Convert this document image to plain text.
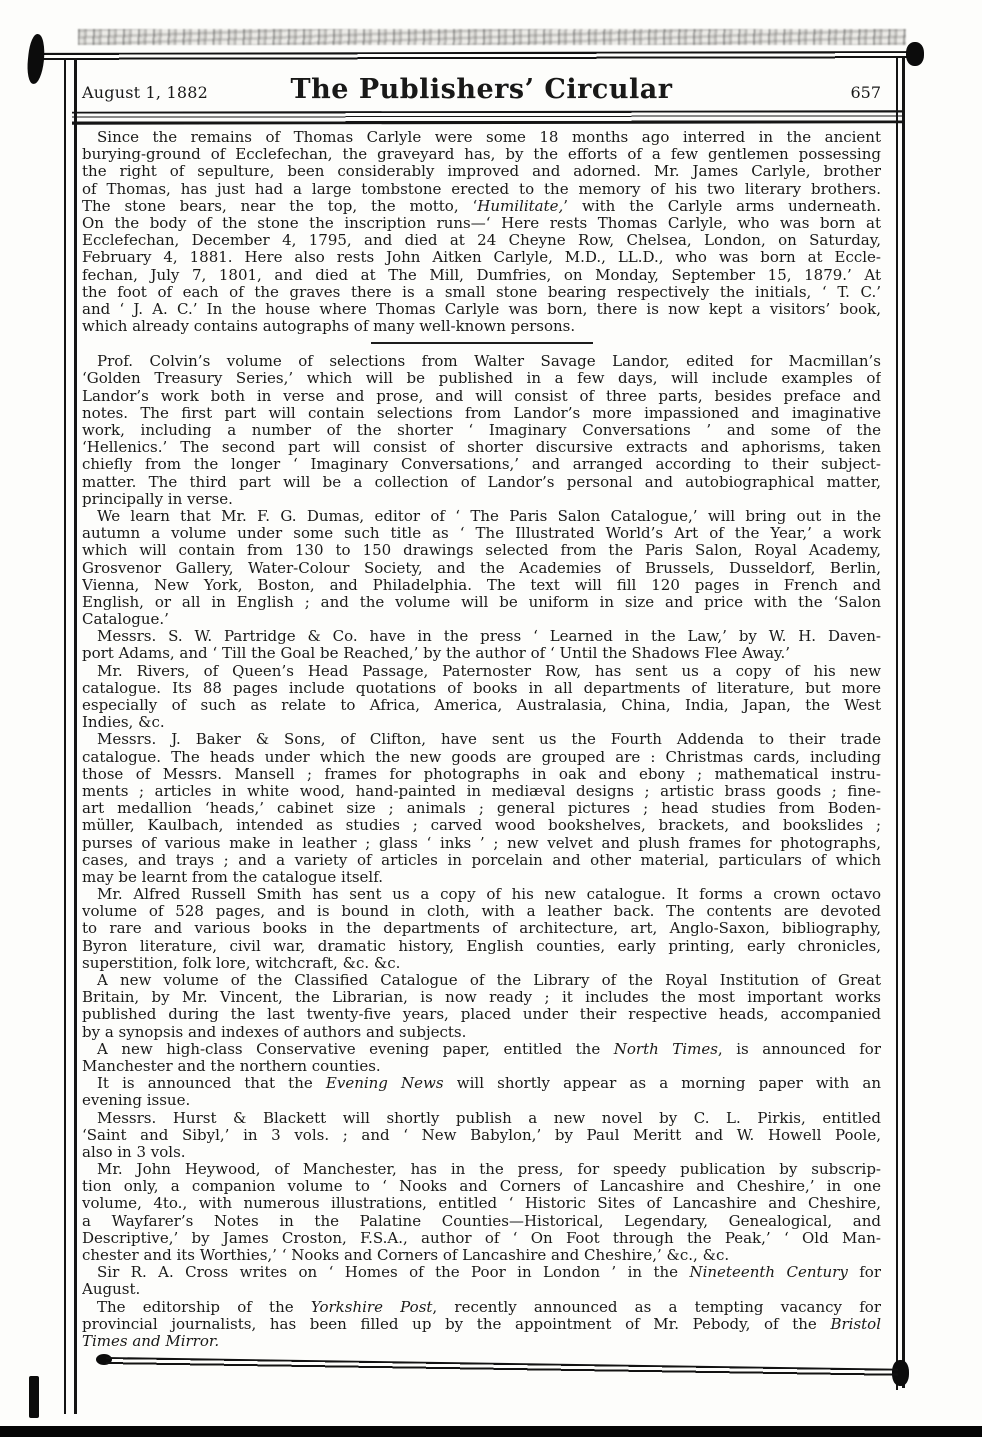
August 1, 1882	The Publishers’ Circular	657
Since the remains of Thomas Carlyle were some 18 months ago interred in the ancient
burying-ground of Ecclefechan, the graveyard has, by the efforts of a few gentlemen possessing
the right of sepulture, been considerably improved and adorned. Mr. James Carlyle, brother
of Thomas, has just had a large tombstone erected to the memory of his two literary brothers.
The stone bears, near the top, the motto, ‘Humilitate,’ with the Carlyle arms underneath.
On the body of the stone the inscription runs—‘ Here rests Thomas Carlyle, who was born at
Ecclefechan, December 4, 1795, and died at 24 Cheyne Row, Chelsea, London, on Saturday,
February 4, 1881. Here also rests John Aitken Carlyle, M.D., LL.D., who was born at Eccle-
fechan, July 7, 1801, and died at The Mill, Dumfries, on Monday, September 15, 1879.’ At
the foot of each of the graves there is a small stone bearing respectively the initials, ‘ T. C.’
and ‘ J. A. C.’ In the house where Thomas Carlyle was born, there is now kept a visitors’ book,
which already contains autographs of many well-known persons.
Prof. Colvin’s volume of selections from Walter Savage Landor, edited for Macmillan’s
‘Golden Treasury Series,’ which will be published in a few days, will include examples of
Landor’s work both in verse and prose, and will consist of three parts, besides preface and
notes. The first part will contain selections from Landor’s more impassioned and imaginative
work, including a number of the shorter ‘ Imaginary Conversations ’ and some of the
‘Hellenics.’ The second part will consist of shorter discursive extracts and aphorisms, taken
chiefly from the longer ‘ Imaginary Conversations,’ and arranged according to their subject-
matter. The third part will be a collection of Landor’s personal and autobiographical matter,
principally in verse.
We learn that Mr. F. G. Dumas, editor of ‘ The Paris Salon Catalogue,’ will bring out in the
autumn a volume under some such title as ‘ The Illustrated World’s Art of the Year,’ a work
which will contain from 130 to 150 drawings selected from the Paris Salon, Royal Academy,
Grosvenor Gallery, Water-Colour Society, and the Academies of Brussels, Dusseldorf, Berlin,
Vienna, New York, Boston, and Philadelphia. The text will fill 120 pages in French and
English, or all in English ; and the volume will be uniform in size and price with the ‘Salon
Catalogue.’
Messrs. S. W. Partridge & Co. have in the press ‘ Learned in the Law,’ by W. H. Daven-
port Adams, and ‘ Till the Goal be Reached,’ by the author of ‘ Until the Shadows Flee Away.’
Mr. Rivers, of Queen’s Head Passage, Paternoster Row, has sent us a copy of his new
catalogue. Its 88 pages include quotations of books in all departments of literature, but more
especially of such as relate to Africa, America, Australasia, China, India, Japan, the West
Indies, &c.
Messrs. J. Baker & Sons, of Clifton, have sent us the Fourth Addenda to their trade
catalogue. The heads under which the new goods are grouped are : Christmas cards, including
those of Messrs. Mansell ; frames for photographs in oak and ebony ; mathematical instru-
ments ; articles in white wood, hand-painted in mediæval designs ; artistic brass goods ; fine-
art medallion ‘heads,’ cabinet size ; animals ; general pictures ; head studies from Boden-
müller, Kaulbach, intended as studies ; carved wood bookshelves, brackets, and bookslides ;
purses of various make in leather ; glass ‘ inks ’ ; new velvet and plush frames for photographs,
cases, and trays ; and a variety of articles in porcelain and other material, particulars of which
may be learnt from the catalogue itself.
Mr. Alfred Russell Smith has sent us a copy of his new catalogue. It forms a crown octavo
volume of 528 pages, and is bound in cloth, with a leather back. The contents are devoted
to rare and various books in the departments of architecture, art, Anglo-Saxon, bibliography,
Byron literature, civil war, dramatic history, English counties, early printing, early chronicles,
superstition, folk lore, witchcraft, &c. &c.
A new volume of the Classified Catalogue of the Library of the Royal Institution of Great
Britain, by Mr. Vincent, the Librarian, is now ready ; it includes the most important works
published during the last twenty-five years, placed under their respective heads, accompanied
by a synopsis and indexes of authors and subjects.
A new high-class Conservative evening paper, entitled the North Times, is announced for
Manchester and the northern counties.
It is announced that the Evening News will shortly appear as a morning paper with an
evening issue.
Messrs. Hurst & Blackett will shortly publish a new novel by C. L. Pirkis, entitled
‘Saint and Sibyl,’ in 3 vols. ; and ‘ New Babylon,’ by Paul Meritt and W. Howell Poole,
also in 3 vols.
Mr. John Heywood, of Manchester, has in the press, for speedy publication by subscrip-
tion only, a companion volume to ‘ Nooks and Corners of Lancashire and Cheshire,’ in one
volume, 4to., with numerous illustrations, entitled ‘ Historic Sites of Lancashire and Cheshire,
a Wayfarer’s Notes in the Palatine Counties—Historical, Legendary, Genealogical, and
Descriptive,’ by James Croston, F.S.A., author of ‘ On Foot through the Peak,’ ‘ Old Man-
chester and its Worthies,’ ‘ Nooks and Corners of Lancashire and Cheshire,’ &c., &c.
Sir R. A. Cross writes on ‘ Homes of the Poor in London ’ in the Nineteenth Century for
August.
The editorship of the Yorkshire Post, recently announced as a tempting vacancy for
provincial journalists, has been filled up by the appointment of Mr. Pebody, of the Bristol
Times and Mirror.
